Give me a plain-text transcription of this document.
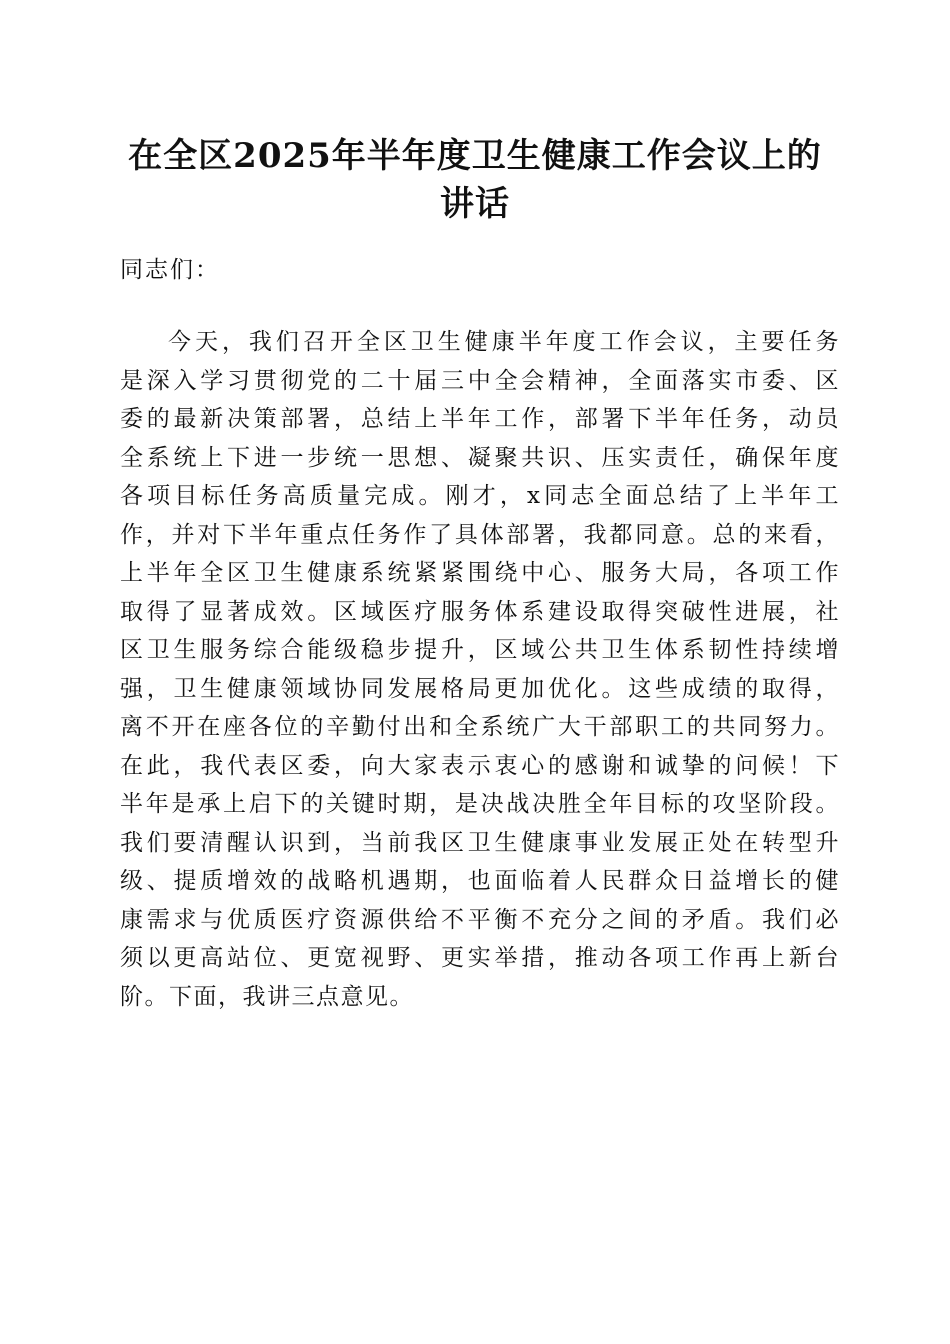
在全区2025年半年度卫生健康工作会议上的
讲话
同志们：
今天，我们召开全区卫生健康半年度工作会议，主要任务
是深入学习贯彻党的二十届三中全会精神，全面落实市委、区
委的最新决策部署，总结上半年工作，部署下半年任务，动员
全系统上下进一步统一思想、凝聚共识、压实责任，确保年度
各项目标任务高质量完成。刚才，x同志全面总结了上半年工
作，并对下半年重点任务作了具体部署，我都同意。总的来看，
上半年全区卫生健康系统紧紧围绕中心、服务大局，各项工作
取得了显著成效。区域医疗服务体系建设取得突破性进展，社
区卫生服务综合能级稳步提升，区域公共卫生体系韧性持续增
强，卫生健康领域协同发展格局更加优化。这些成绩的取得，
离不开在座各位的辛勤付出和全系统广大干部职工的共同努力。
在此，我代表区委，向大家表示衷心的感谢和诚挚的问候！下
半年是承上启下的关键时期，是决战决胜全年目标的攻坚阶段。
我们要清醒认识到，当前我区卫生健康事业发展正处在转型升
级、提质增效的战略机遇期，也面临着人民群众日益增长的健
康需求与优质医疗资源供给不平衡不充分之间的矛盾。我们必
须以更高站位、更宽视野、更实举措，推动各项工作再上新台
阶。下面，我讲三点意见。
